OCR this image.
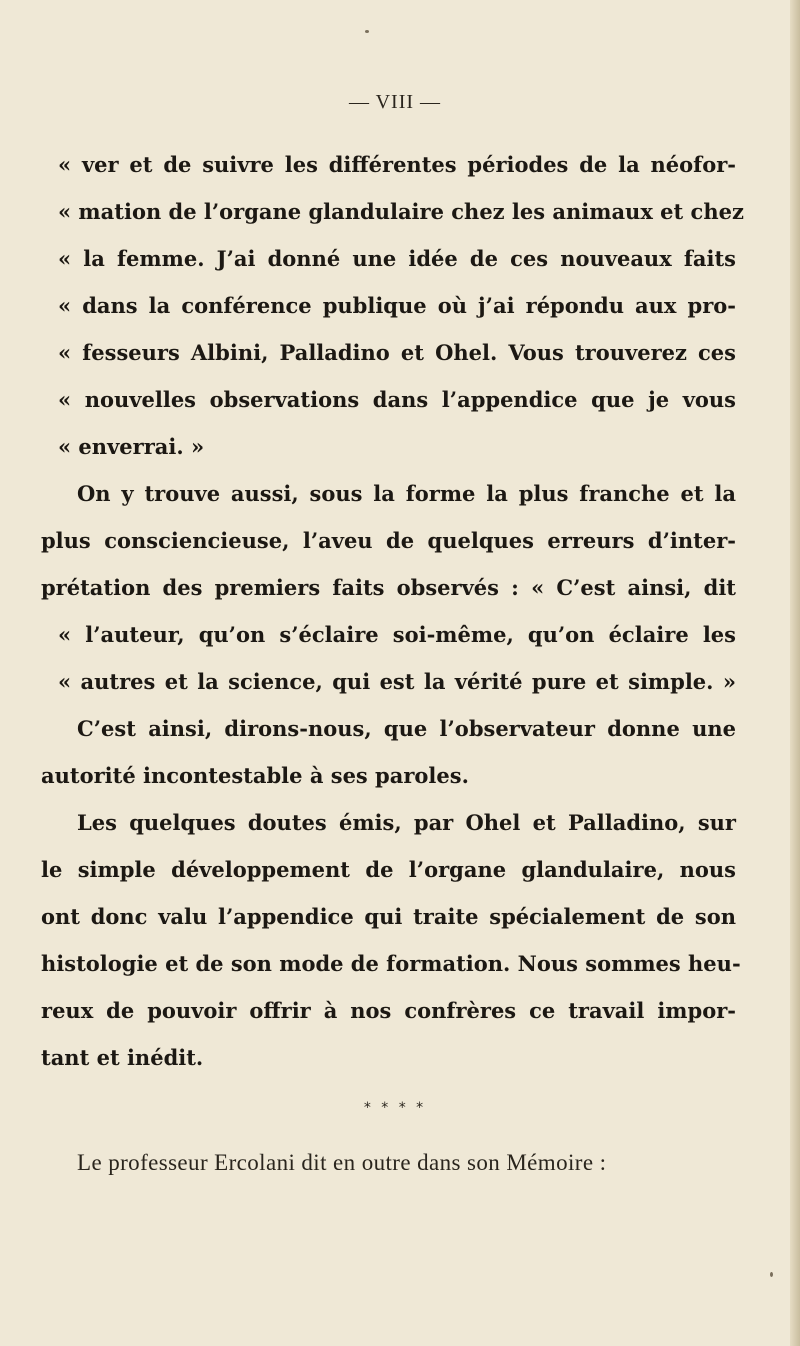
— VIII —
« ver et de suivre les différentes périodes de la néofor-
« mation de l’organe glandulaire chez les animaux et chez
« la femme. J’ai donné une idée de ces nouveaux faits
« dans la conférence publique où j’ai répondu aux pro-
« fesseurs Albini, Palladino et Ohel. Vous trouverez ces
« nouvelles observations dans l’appendice que je vous
« enverrai. »
On y trouve aussi, sous la forme la plus franche et la
plus consciencieuse, l’aveu de quelques erreurs d’inter-
prétation des premiers faits observés : « C’est ainsi, dit
« l’auteur, qu’on s’éclaire soi-même, qu’on éclaire les
« autres et la science, qui est la vérité pure et simple. »
C’est ainsi, dirons-nous, que l’observateur donne une
autorité incontestable à ses paroles.
Les quelques doutes émis, par Ohel et Palladino, sur
le simple développement de l’organe glandulaire, nous
ont donc valu l’appendice qui traite spécialement de son
histologie et de son mode de formation. Nous sommes heu-
reux de pouvoir offrir à nos confrères ce travail impor-
tant et inédit.
* * * *
Le professeur Ercolani dit en outre dans son Mémoire :
